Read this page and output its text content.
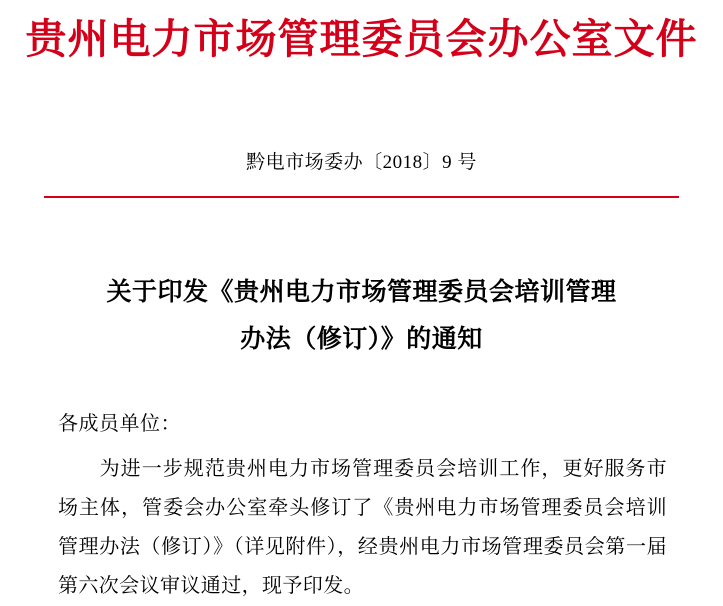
贵州电力市场管理委员会办公室文件
黔电市场委办〔2018〕9 号
关于印发《贵州电力市场管理委员会培训管理
办法（修订）》的通知
各成员单位：
为进一步规范贵州电力市场管理委员会培训工作，更好服务市场主体，管委会办公室牵头修订了《贵州电力市场管理委员会培训管理办法（修订）》（详见附件），经贵州电力市场管理委员会第一届第六次会议审议通过，现予印发。
